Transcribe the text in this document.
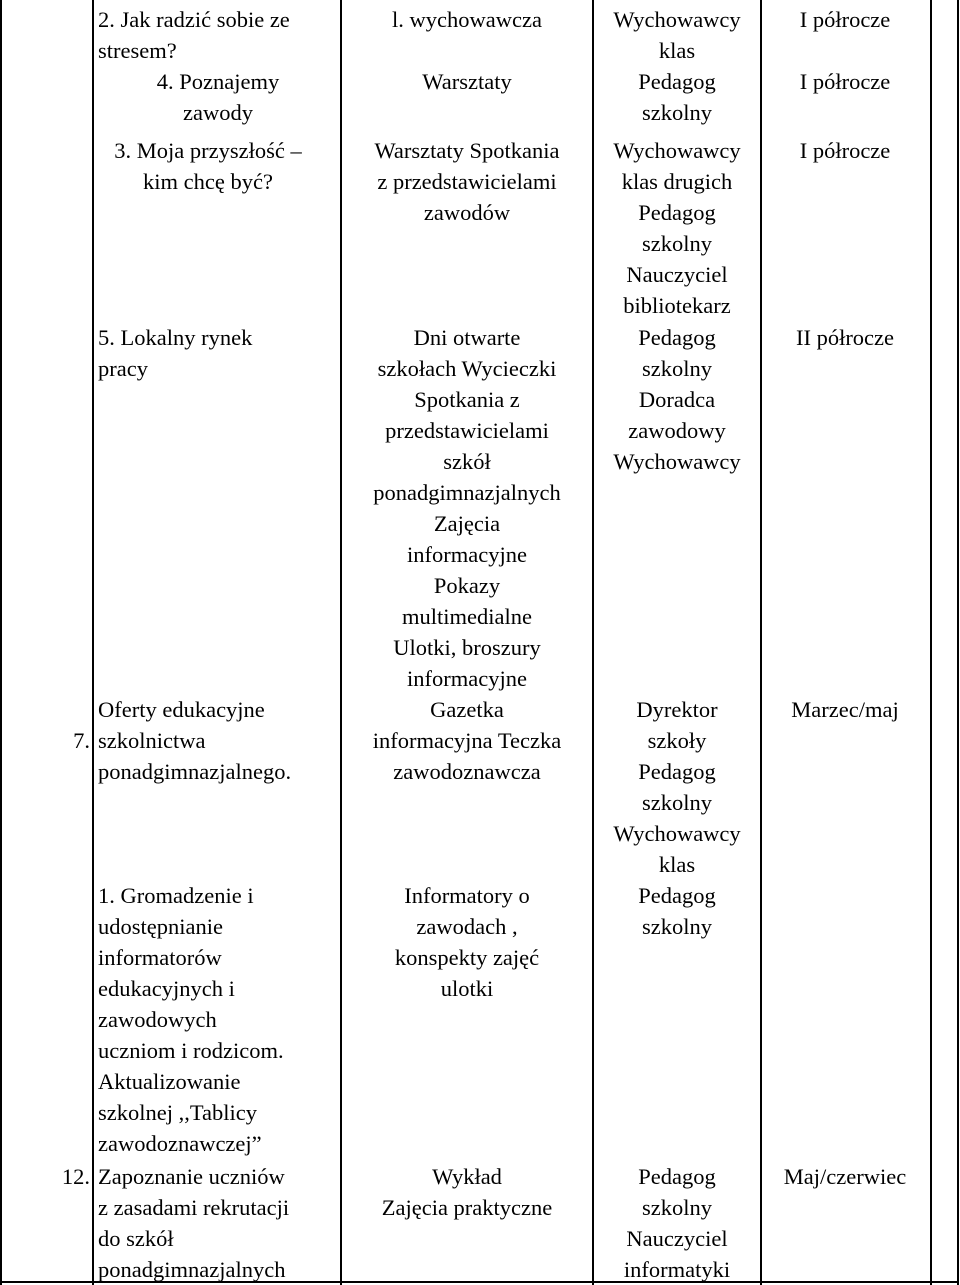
2. Jak radzić sobie ze
stresem?
4. Poznajemy
zawody
l. wychowawcza

Warsztaty
Wychowawcy
klas
Pedagog
szkolny
I półrocze

I półrocze
3. Moja przyszłość –
kim chcę być?
Warsztaty Spotkania
z przedstawicielami
zawodów
Wychowawcy
klas drugich
Pedagog
szkolny
Nauczyciel
bibliotekarz
I półrocze
5. Lokalny rynek
pracy
Dni otwarte
szkołach Wycieczki
Spotkania z
przedstawicielami
szkół
ponadgimnazjalnych
Zajęcia
informacyjne
Pokazy
multimedialne
Ulotki, broszury
informacyjne
Pedagog
szkolny
Doradca
zawodowy
Wychowawcy
II półrocze
7.
Oferty edukacyjne
szkolnictwa
ponadgimnazjalnego.
Gazetka
informacyjna Teczka
zawodoznawcza
Dyrektor
szkoły
Pedagog
szkolny
Wychowawcy
klas
Marzec/maj
1. Gromadzenie i
udostępnianie
informatorów
edukacyjnych i
zawodowych
uczniom i rodzicom.
Aktualizowanie
szkolnej ,,Tablicy
zawodoznawczej”
Informatory o
zawodach ,
konspekty zajęć
ulotki
Pedagog
szkolny
12. Zapoznanie uczniów
z zasadami rekrutacji
do szkół
ponadgimnazjalnych
Wykład
Zajęcia praktyczne
Pedagog
szkolny
Nauczyciel
informatyki
Maj/czerwiec
